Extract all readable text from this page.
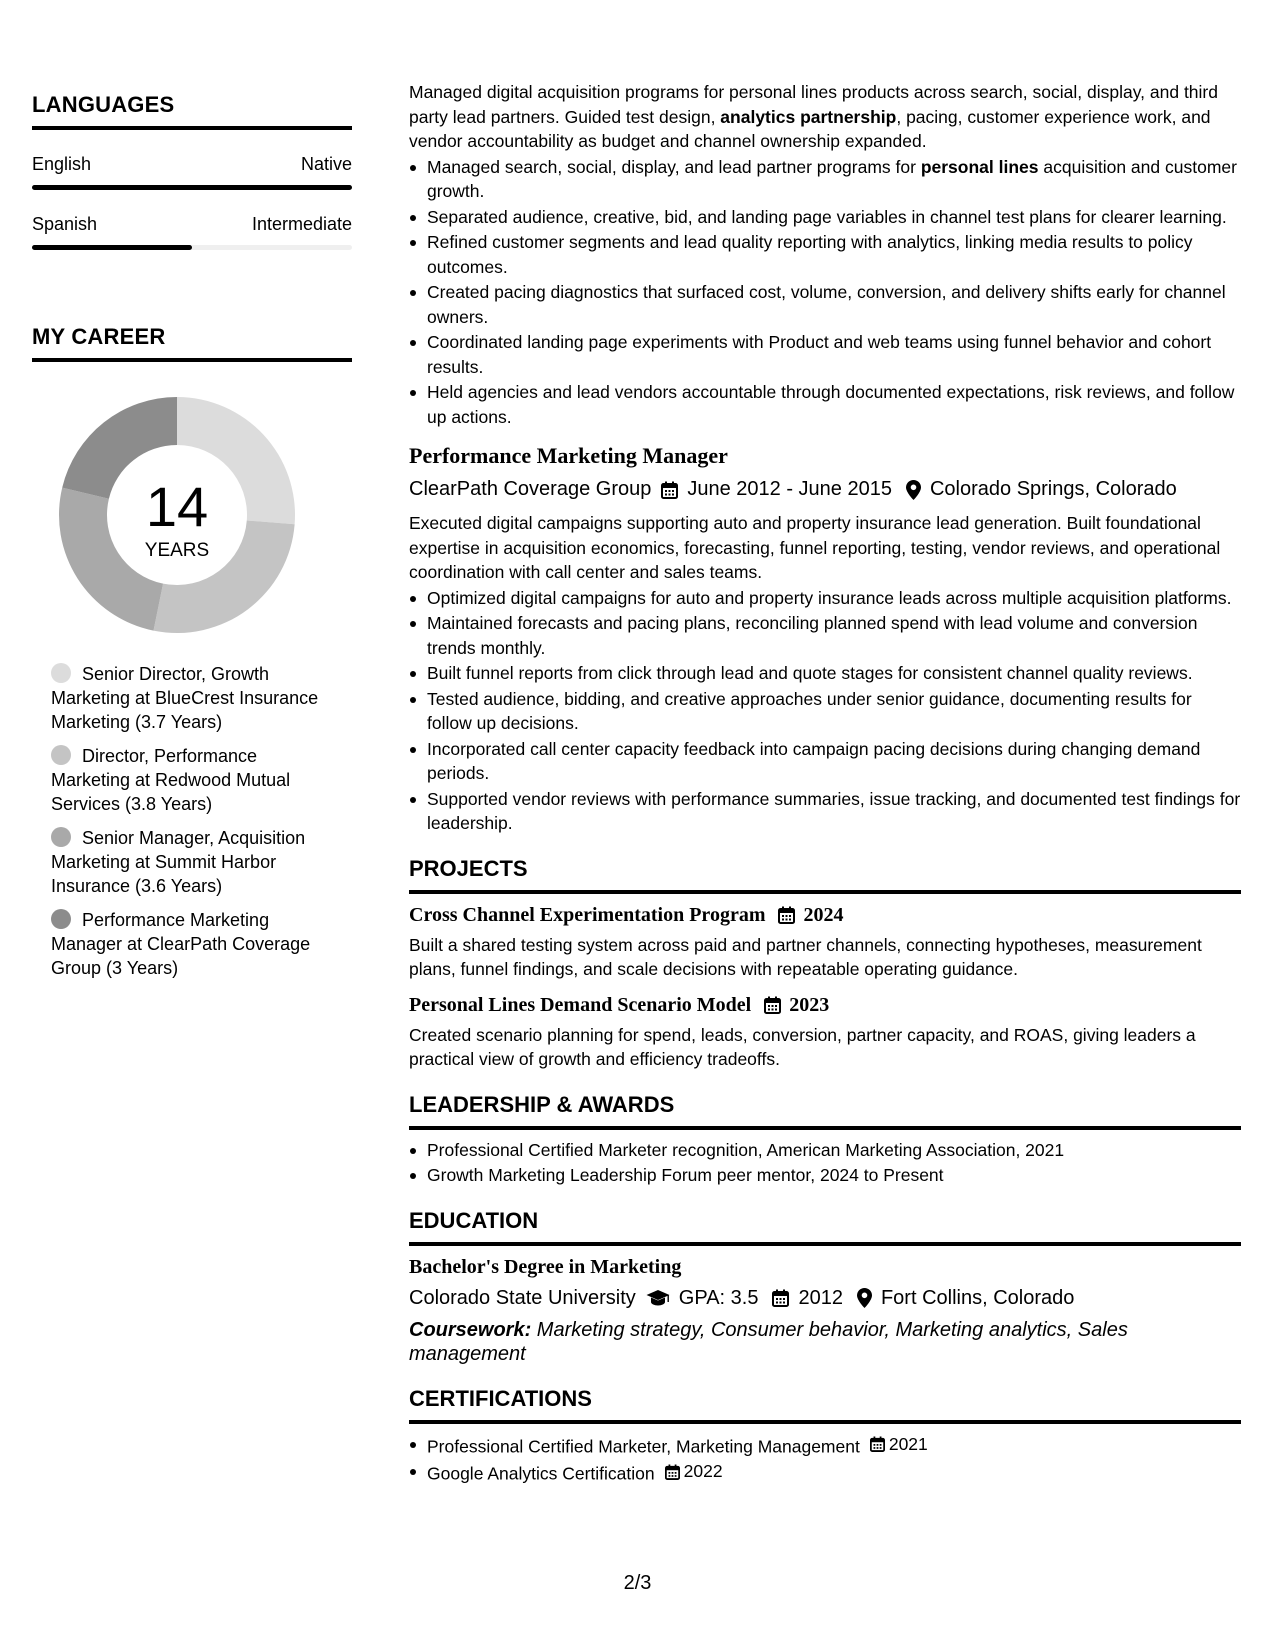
LANGUAGES
English	Native
Spanish	Intermediate
MY CAREER
14
YEARS
Senior Director, Growth Marketing at BlueCrest Insurance Marketing (3.7 Years)
Director, Performance Marketing at Redwood Mutual Services (3.8 Years)
Senior Manager, Acquisition Marketing at Summit Harbor Insurance (3.6 Years)
Performance Marketing Manager at ClearPath Coverage Group (3 Years)

Managed digital acquisition programs for personal lines products across search, social, display, and third party lead partners. Guided test design, analytics partnership, pacing, customer experience work, and vendor accountability as budget and channel ownership expanded.

Managed search, social, display, and lead partner programs for personal lines acquisition and customer growth.
Separated audience, creative, bid, and landing page variables in channel test plans for clearer learning.
Refined customer segments and lead quality reporting with analytics, linking media results to policy outcomes.
Created pacing diagnostics that surfaced cost, volume, conversion, and delivery shifts early for channel owners.
Coordinated landing page experiments with Product and web teams using funnel behavior and cohort results.
Held agencies and lead vendors accountable through documented expectations, risk reviews, and follow up actions.
Performance Marketing Manager
ClearPath Coverage Group June 2012 - June 2015 Colorado Springs, Colorado

Executed digital campaigns supporting auto and property insurance lead generation. Built foundational expertise in acquisition economics, forecasting, funnel reporting, testing, vendor reviews, and operational coordination with call center and sales teams.

Optimized digital campaigns for auto and property insurance leads across multiple acquisition platforms.
Maintained forecasts and pacing plans, reconciling planned spend with lead volume and conversion trends monthly.
Built funnel reports from click through lead and quote stages for consistent channel quality reviews.
Tested audience, bidding, and creative approaches under senior guidance, documenting results for follow up decisions.
Incorporated call center capacity feedback into campaign pacing decisions during changing demand periods.
Supported vendor reviews with performance summaries, issue tracking, and documented test findings for leadership.
PROJECTS
Cross Channel Experimentation Program 2024

Built a shared testing system across paid and partner channels, connecting hypotheses, measurement plans, funnel findings, and scale decisions with repeatable operating guidance.

Personal Lines Demand Scenario Model 2023

Created scenario planning for spend, leads, conversion, partner capacity, and ROAS, giving leaders a practical view of growth and efficiency tradeoffs.

LEADERSHIP & AWARDS
Professional Certified Marketer recognition, American Marketing Association, 2021
Growth Marketing Leadership Forum peer mentor, 2024 to Present
EDUCATION
Bachelor's Degree in Marketing
Colorado State University GPA: 3.5 2012 Fort Collins, Colorado

Coursework: Marketing strategy, Consumer behavior, Marketing analytics, Sales management

CERTIFICATIONS
Professional Certified Marketer, Marketing Management 2021
Google Analytics Certification 2022
2/3
